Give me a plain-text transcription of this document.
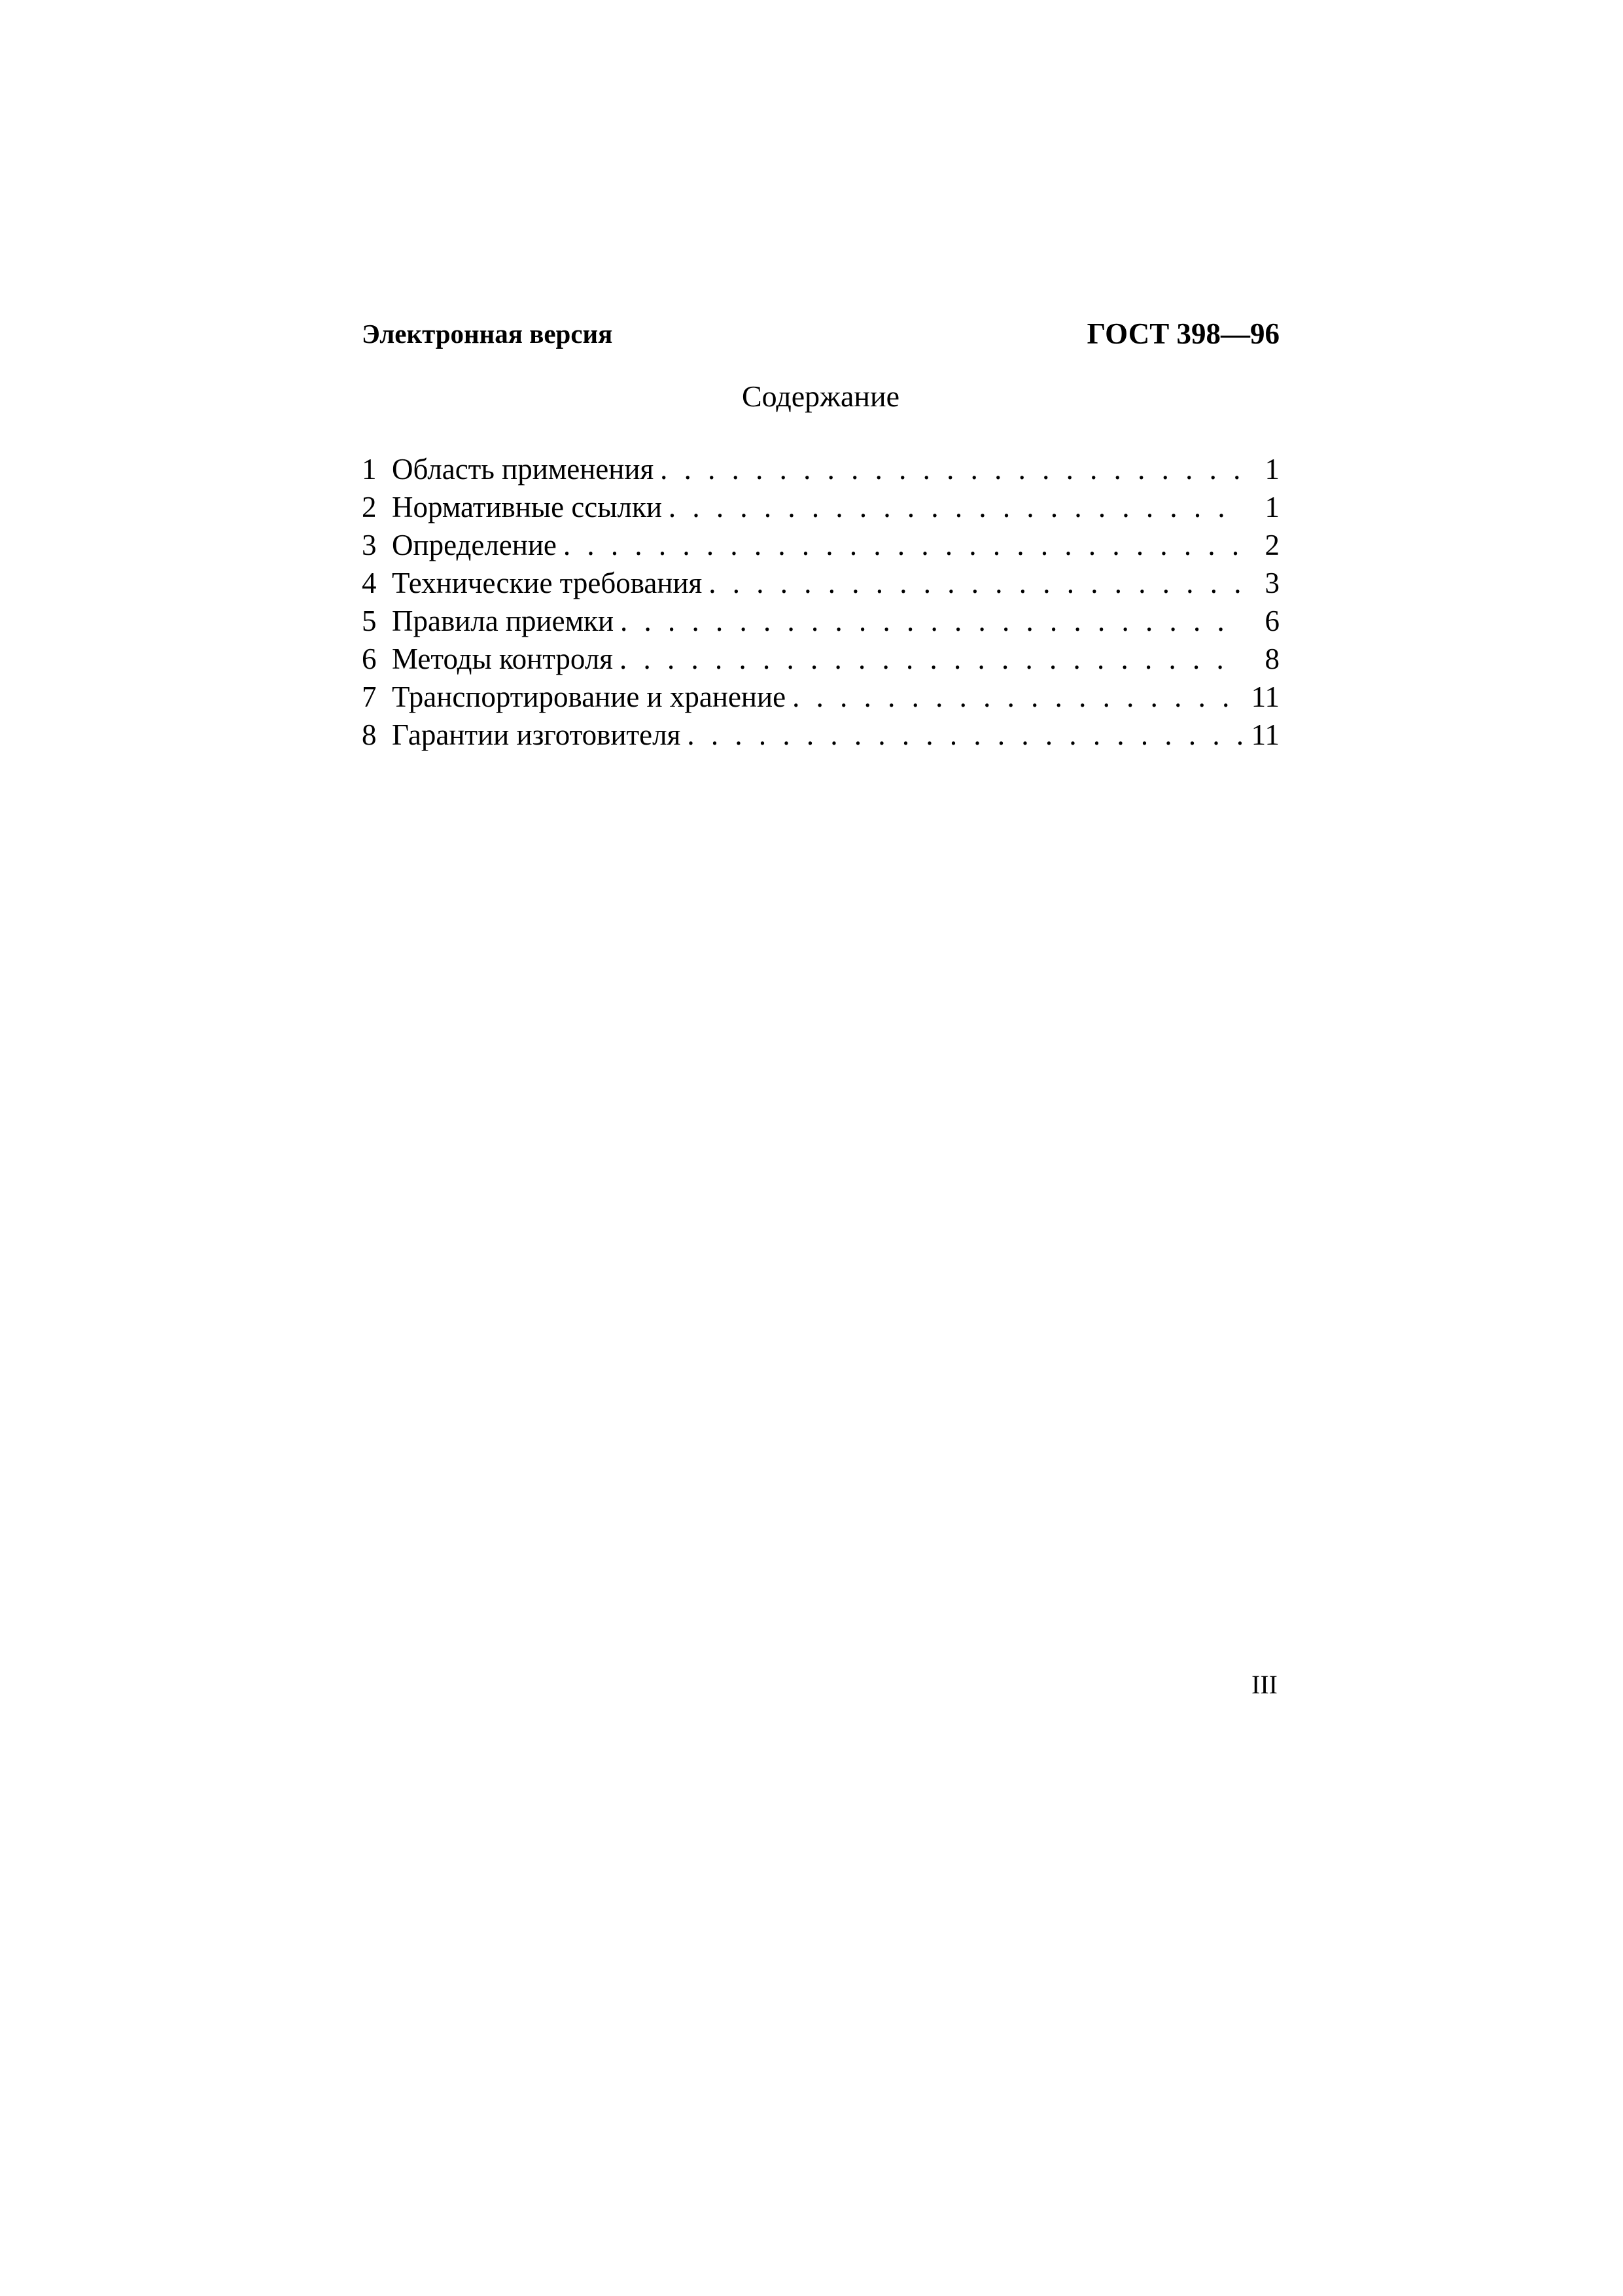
Электронная версия	ГОСТ 398—96
Содержание
1 Область применения . . .	1
2 Нормативные ссылки . . .	1
3 Определение . . .	2
4 Технические требования . . .	3
5 Правила приемки . . .	6
6 Методы контроля . . .	8
7 Транспортирование и хранение . . .	11
8 Гарантии изготовителя . . .	11
III
